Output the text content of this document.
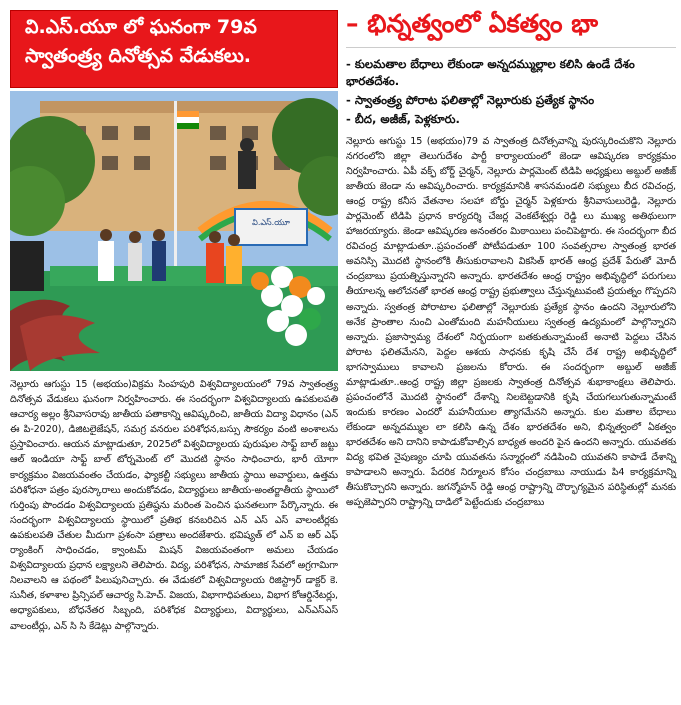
వి.ఎస్.యూ లో ఘనంగా 79వ
స్వాతంత్ర్య దినోత్సవ వేడుకలు.
వి.ఎస్.యూ
నెల్లూరు ఆగుస్టు 15 (అభయం)విక్రమ సింహపురి విశ్వవిద్యాలయంలో 79వ స్వాతంత్ర్య దినోత్సవ వేడుకలు ఘనంగా నిర్వహించారు. ఈ సందర్భంగా విశ్వవిద్యాలయ ఉపకులపతి ఆచార్య అల్లం శ్రీనివాసరావు జాతీయ పతాకాన్ని ఆవిష్కరించి, జాతీయ విద్యా విధానం (ఎన్ ఈ పి-2020), డిజిటలైజేషన్, సమగ్ర వనరుల పరిశోధన,బస్సు సౌకర్యం వంటి అంశాలను ప్రస్తావించారు. ఆయన మాట్లాడుతూ, 2025లో విశ్వవిద్యాలయ పురుషుల సాఫ్ట్ బాల్ జట్టు ఆల్ ఇండియా సాఫ్ట్ బాల్ టోర్నమెంట్ లో మొదటి స్థానం సాధించారు, భారీ యోగా కార్యక్రమం విజయవంతం చేయడం, ఫ్యాకల్టీ సభ్యులు జాతీయ స్థాయి అవార్డులు, ఉత్తమ పరిశోధనా పత్రం పురస్కారాలు అందుకోవడం, విద్యార్థులు జాతీయ-అంతర్జాతీయ స్థాయిలో గుర్తింపు పొందడం విశ్వవిద్యాలయ ప్రతిష్ఠను మరింత పెంచిన ఘనతలుగా పేర్కొన్నారు. ఈ సందర్భంగా విశ్వవిద్యాలయ స్థాయిలో ప్రతిభ కనబరిచిన ఎన్ ఎస్ ఎస్ వాలంటీర్లకు ఉపకులపతి చేతుల మీదుగా ప్రశంసా పత్రాలు అందజేశారు. భవిష్యత్ లో ఎన్ ఐ ఆర్ ఎఫ్ ర్యాంకింగ్ సాధించడం, క్వాంటమ్ మిషన్ విజయవంతంగా అమలు చేయడం విశ్వవిద్యాలయ ప్రధాన లక్ష్యాలని తెలిపారు. విద్య, పరిశోధన, సామాజిక సేవలో అగ్రగామిగా నిలవాలని ఆ పథంలో పిలుపునిచ్చారు. ఈ వేడుకలో విశ్వవిద్యాలయ రిజిస్ట్రార్ డాక్టర్ కె. సునీత, కళాశాల ప్రిన్సిపల్ ఆచార్య సి.హెచ్. విజయ, విభాగాధిపతులు, విభాగ కోఆర్డినేటర్లు, అధ్యాపకులు, బోధనేతర సిబ్బంది, పరిశోధక విద్యార్థులు, విద్యార్థులు, ఎన్ఎస్ఎస్ వాలంటీర్లు, ఎన్ సి సి కేడెట్లు పాల్గొన్నారు.
– భిన్నత్వంలో ఏకత్వం భా
- కులమతాల బేధాలు లేకుండా అన్నదమ్ముల్లాల కలిసి ఉండే దేశం భారతదేశం.
- స్వాతంత్ర్య పోరాట ఫలితాల్లో నెల్లూరుకు ప్రత్యేక స్థానం
- బీద, అజీజ్, పెళ్లకూరు.
నెల్లూరు ఆగుస్టు 15 (అభయం)79 వ స్వాతంత్ర దినోత్సవాన్ని పురస్కరించుకొని నెల్లూరు నగరంలోని జిల్లా తెలుగుదేశం పార్టీ కార్యాలయంలో జెండా ఆవిష్కరణ కార్యక్రమం నిర్వహించారు. ఏపీ వక్ఫ్ బోర్డ్ చైర్మన్, నెల్లూరు పార్లమెంట్ టిడిపి అధ్యక్షులు అబ్దుల్ అజీజ్ జాతీయ జెండా ను ఆవిష్కరించారు. కార్యక్రమానికి శాసనమండలి సభ్యులు బీద రవిచంద్ర, ఆంధ్ర రాష్ట్ర కనీస వేతనాల సలహా బోర్డు చైర్మన్ పెళ్లకూరు శ్రీనివాసులురెడ్డి, నెల్లూరు పార్లమెంట్ టిడిపి ప్రధాన కార్యదర్శి చేజర్ల వెంకటేశ్వర్లు రెడ్డి లు ముఖ్య అతిథులుగా హాజరయ్యారు. జెండా ఆవిష్కరణ అనంతరం మిఠాయిలు పంచిపెట్టారు. ఈ సందర్భంగా బీద రవిచంద్ర మాట్లాడుతూ..ప్రపంచంతో పోటీపడుతూ 100 సంవత్సరాల స్వాతంత్ర భారత అవనిస్సి మొదటి స్థానంలోకి తీసుకురావాలని వికసిత్ భారత్ ఆంధ్ర ప్రదేశ్ పేరుతో మోదీ చంద్రబాబు ప్రయత్నిస్తున్నారని అన్నారు. భారతదేశం ఆంధ్ర రాష్ట్రం అభివృద్ధిలో పరుగులు తీయాలన్న ఆలోచనతో భారత ఆంధ్ర రాష్ట్ర ప్రభుత్వాలు చేస్తున్నటువంటి ప్రయత్నం గొప్పదని అన్నారు. స్వతంత్ర పోరాటాల ఫలితాల్లో నెల్లూరుకు ప్రత్యేక స్థానం ఉందని నెల్లూరులోని అనేక ప్రాంతాల నుంచి ఎంతోమంది మహనీయులు స్వతంత్ర ఉద్యమంలో పాల్గొన్నారని అన్నారు. ప్రజాస్వామ్య దేశంలో నిర్భయంగా బతకుతున్నామంటే అనాటి పెద్దలు చేసిన పోరాట ఫలితమేనని, పెద్దల ఆశయ సాధనకు కృషి చేసే దేశ రాష్ట్ర అభివృద్ధిలో భాగస్వాములు కావాలని ప్రజలను కోరారు. ఈ సందర్భంగా అబ్దుల్ అజీజ్ మాట్లాడుతూ..ఆంధ్ర రాష్ట్ర జిల్లా ప్రజలకు స్వాతంత్ర దినోత్సవ శుభాకాంక్షలు తెలిపారు. ప్రపంచంలోనే మొదటి స్థానంలో దేశాన్ని నిలబెట్టడానికి కృషి చేయగలుగుతున్నామంటే ఇందుకు కారణం ఎందరో మహనీయుల త్యాగమేనని అన్నారు. కుల మతాల బేధాలు లేకుండా అన్నదమ్ముల లా కలిసి ఉన్న దేశం భారతదేశం అని, భిన్నత్వంలో ఏకత్వం భారతదేశం అని దానిని కాపాడుకోవాల్సిన బాధ్యత అందరి పైన ఉందని అన్నారు. యువతకు విద్య భవిత నైపుణ్యం చూపి యువతను సన్మార్గంలో నడిపించి యువతని కాపాడే దేశాన్ని కాపాడాలని అన్నారు. పేదరిక నిర్మూలన కోసం చంద్రబాబు నాయుడు పి4 కార్యక్రమాన్ని తీసుకొచ్చారని అన్నారు. జగన్మోహన్ రెడ్డి ఆంధ్ర రాష్ట్రాన్ని దౌర్భాగ్యమైన పరిస్థితుల్లో మనకు అప్పజెప్పారని రాష్ట్రాన్ని దాడిలో పెట్టేందుకు చంద్రబాబు
